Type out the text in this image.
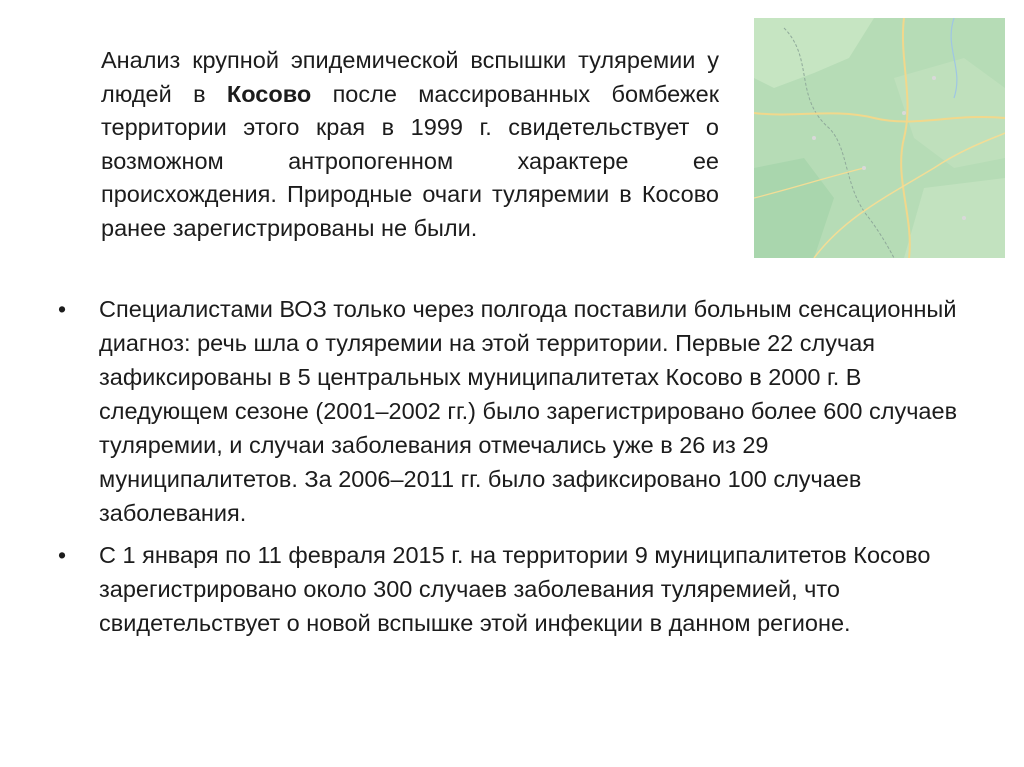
Анализ крупной эпидемической вспышки туляремии у людей в Косово после массированных бомбежек территории этого края в 1999 г. свидетельствует о возможном антропогенном характере ее происхождения. Природные очаги туляремии в Косово ранее зарегистрированы не были.
• Специалистами ВОЗ только через полгода поставили больным сенсационный диагноз: речь шла о туляремии на этой территории. Первые 22 случая зафиксированы в 5 центральных муниципалитетах Косово в 2000 г. В следующем сезоне (2001–2002 гг.) было зарегистрировано более 600 случаев туляремии, и случаи заболевания отмечались уже в 26 из 29 муниципалитетов. За 2006–2011 гг. было зафиксировано 100 случаев заболевания.
• С 1 января по 11 февраля 2015 г. на территории 9 муниципалитетов Косово зарегистрировано около 300 случаев заболевания туляремией, что свидетельствует о новой вспышке этой инфекции в данном регионе.
